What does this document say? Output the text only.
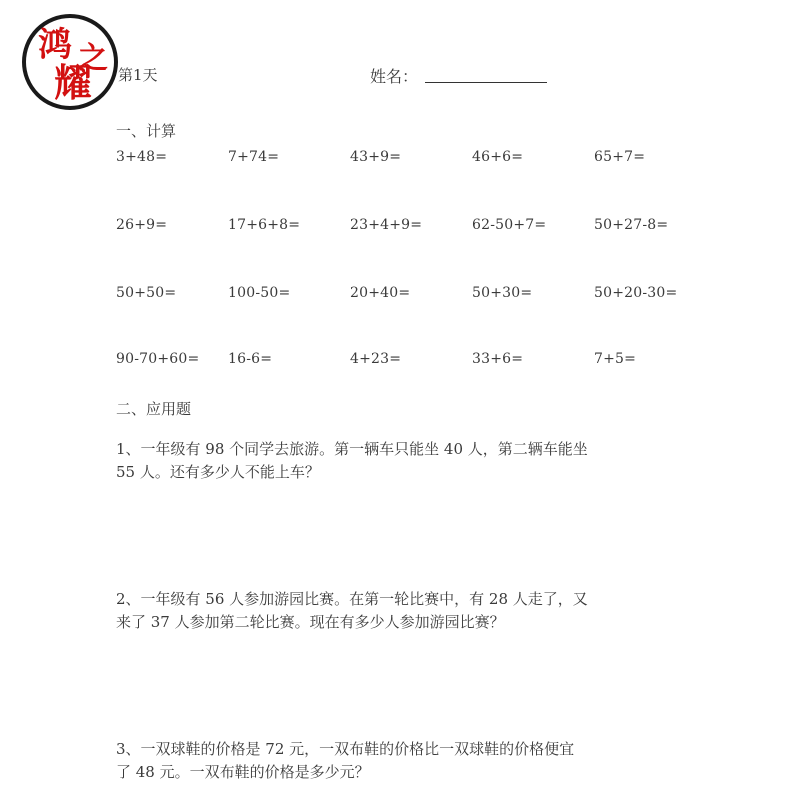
鸿 之
耀 第1天	姓名：
一、计算
3+48=	7+74=	43+9=	46+6=	65+7=
26+9=	17+6+8=	23+4+9=	62-50+7=	50+27-8=
50+50=	100-50=	20+40=	50+30=	50+20-30=
90-70+60= 16-6=	4+23=	33+6=	7+5=
二、应用题
1、一年级有 98 个同学去旅游。第一辆车只能坐 40 人，第二辆车能坐
55 人。还有多少人不能上车？
2、一年级有 56 人参加游园比赛。在第一轮比赛中，有 28 人走了，又
来了 37 人参加第二轮比赛。现在有多少人参加游园比赛？
3、一双球鞋的价格是 72 元，一双布鞋的价格比一双球鞋的价格便宜
了 48 元。一双布鞋的价格是多少元？
